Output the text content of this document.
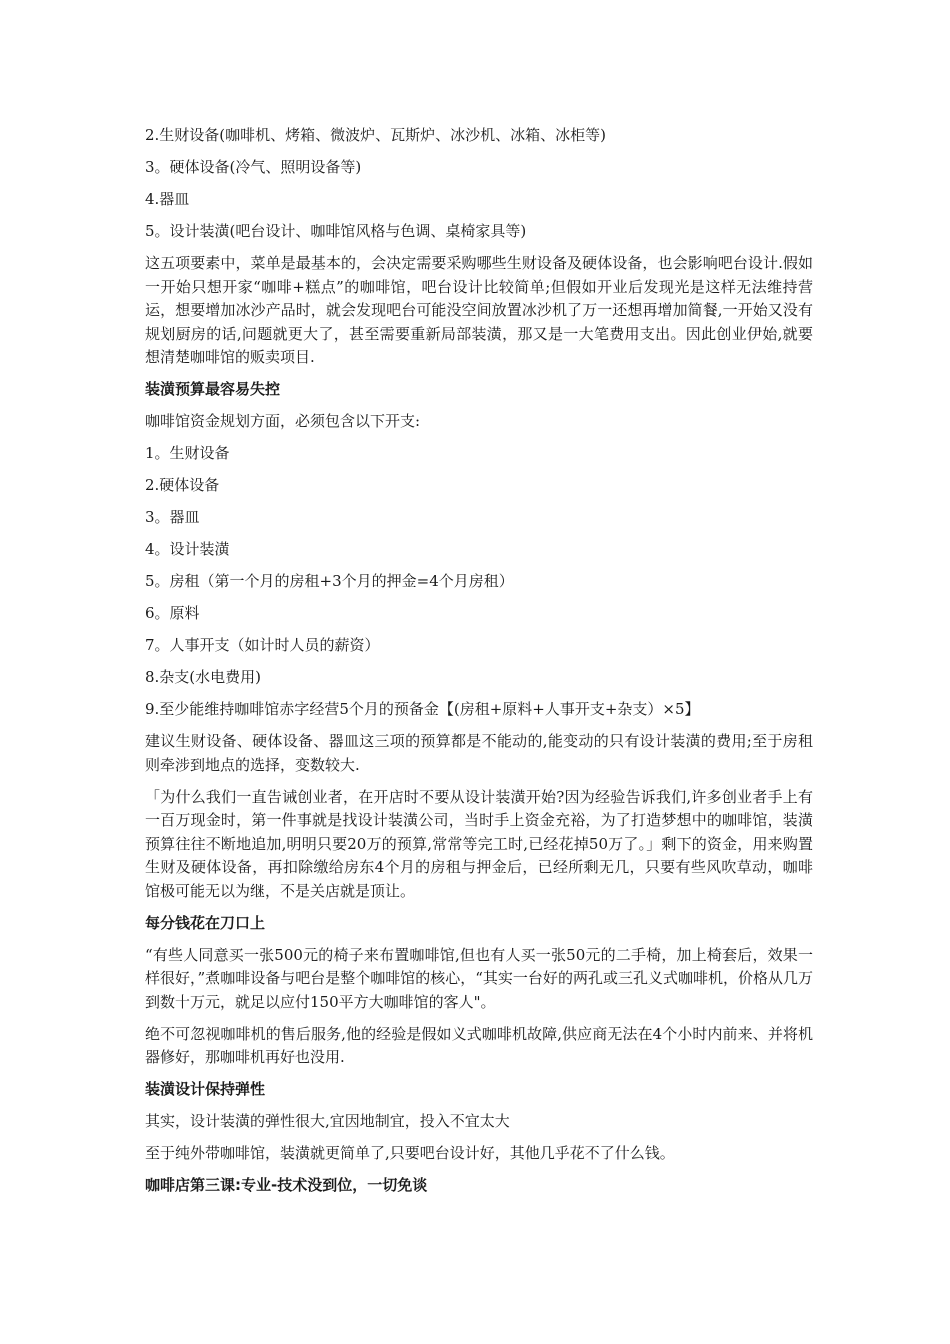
2.生财设备(咖啡机、烤箱、微波炉、瓦斯炉、冰沙机、冰箱、冰柜等)

3。硬体设备(冷气、照明设备等)

4.器皿

5。设计装潢(吧台设计、咖啡馆风格与色调、桌椅家具等)

这五项要素中，菜单是最基本的，会决定需要采购哪些生财设备及硬体设备，也会影响吧台设计.假如一开始只想开家“咖啡+糕点”的咖啡馆，吧台设计比较简单;但假如开业后发现光是这样无法维持营运，想要增加冰沙产品时，就会发现吧台可能没空间放置冰沙机了万一还想再增加简餐,一开始又没有规划厨房的话,问题就更大了，甚至需要重新局部装潢，那又是一大笔费用支出。因此创业伊始,就要想清楚咖啡馆的贩卖项目.

装潢预算最容易失控

咖啡馆资金规划方面，必须包含以下开支:

1。生财设备

2.硬体设备

3。器皿

4。设计装潢

5。房租（第一个月的房租+3个月的押金=4个月房租）

6。原料

7。人事开支（如计时人员的薪资）

8.杂支(水电费用)

9.至少能维持咖啡馆赤字经营5个月的预备金【(房租+原料+人事开支+杂支）×5】

建议生财设备、硬体设备、器皿这三项的预算都是不能动的,能变动的只有设计装潢的费用;至于房租则牵涉到地点的选择，变数较大.

「为什么我们一直告诫创业者，在开店时不要从设计装潢开始?因为经验告诉我们,许多创业者手上有一百万现金时，第一件事就是找设计装潢公司，当时手上资金充裕，为了打造梦想中的咖啡馆，装潢预算往往不断地追加,明明只要20万的预算,常常等完工时,已经花掉50万了。」剩下的资金，用来购置生财及硬体设备，再扣除缴给房东4个月的房租与押金后，已经所剩无几，只要有些风吹草动，咖啡馆极可能无以为继，不是关店就是顶让。

每分钱花在刀口上

“有些人同意买一张500元的椅子来布置咖啡馆,但也有人买一张50元的二手椅，加上椅套后，效果一样很好，”煮咖啡设备与吧台是整个咖啡馆的核心，“其实一台好的两孔或三孔义式咖啡机，价格从几万到数十万元，就足以应付150平方大咖啡馆的客人"。

绝不可忽视咖啡机的售后服务,他的经验是假如义式咖啡机故障,供应商无法在4个小时内前来、并将机器修好，那咖啡机再好也没用.

装潢设计保持弹性

其实，设计装潢的弹性很大,宜因地制宜，投入不宜太大

至于纯外带咖啡馆，装潢就更简单了,只要吧台设计好，其他几乎花不了什么钱。

咖啡店第三课:专业-技术没到位，一切免谈
